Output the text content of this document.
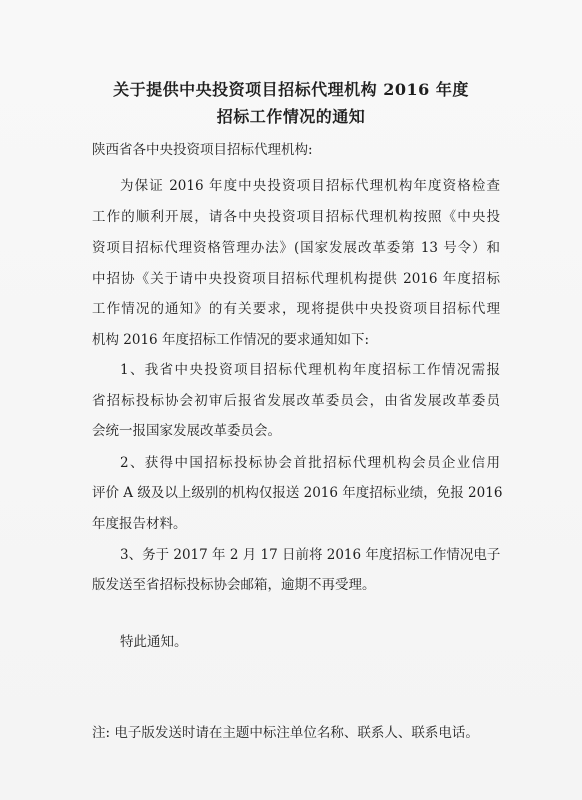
关于提供中央投资项目招标代理机构 2016 年度
招标工作情况的通知
陕西省各中央投资项目招标代理机构:
为保证 2016 年度中央投资项目招标代理机构年度资格检查
工作的顺利开展，请各中央投资项目招标代理机构按照《中央投
资项目招标代理资格管理办法》(国家发展改革委第 13 号令）和
中招协《关于请中央投资项目招标代理机构提供 2016 年度招标
工作情况的通知》的有关要求，现将提供中央投资项目招标代理
机构 2016 年度招标工作情况的要求通知如下:
1、我省中央投资项目招标代理机构年度招标工作情况需报
省招标投标协会初审后报省发展改革委员会，由省发展改革委员
会统一报国家发展改革委员会。
2、获得中国招标投标协会首批招标代理机构会员企业信用
评价 A 级及以上级别的机构仅报送 2016 年度招标业绩，免报 2016
年度报告材料。
3、务于 2017 年 2 月 17 日前将 2016 年度招标工作情况电子
版发送至省招标投标协会邮箱，逾期不再受理。
特此通知。
注: 电子版发送时请在主题中标注单位名称、联系人、联系电话。
